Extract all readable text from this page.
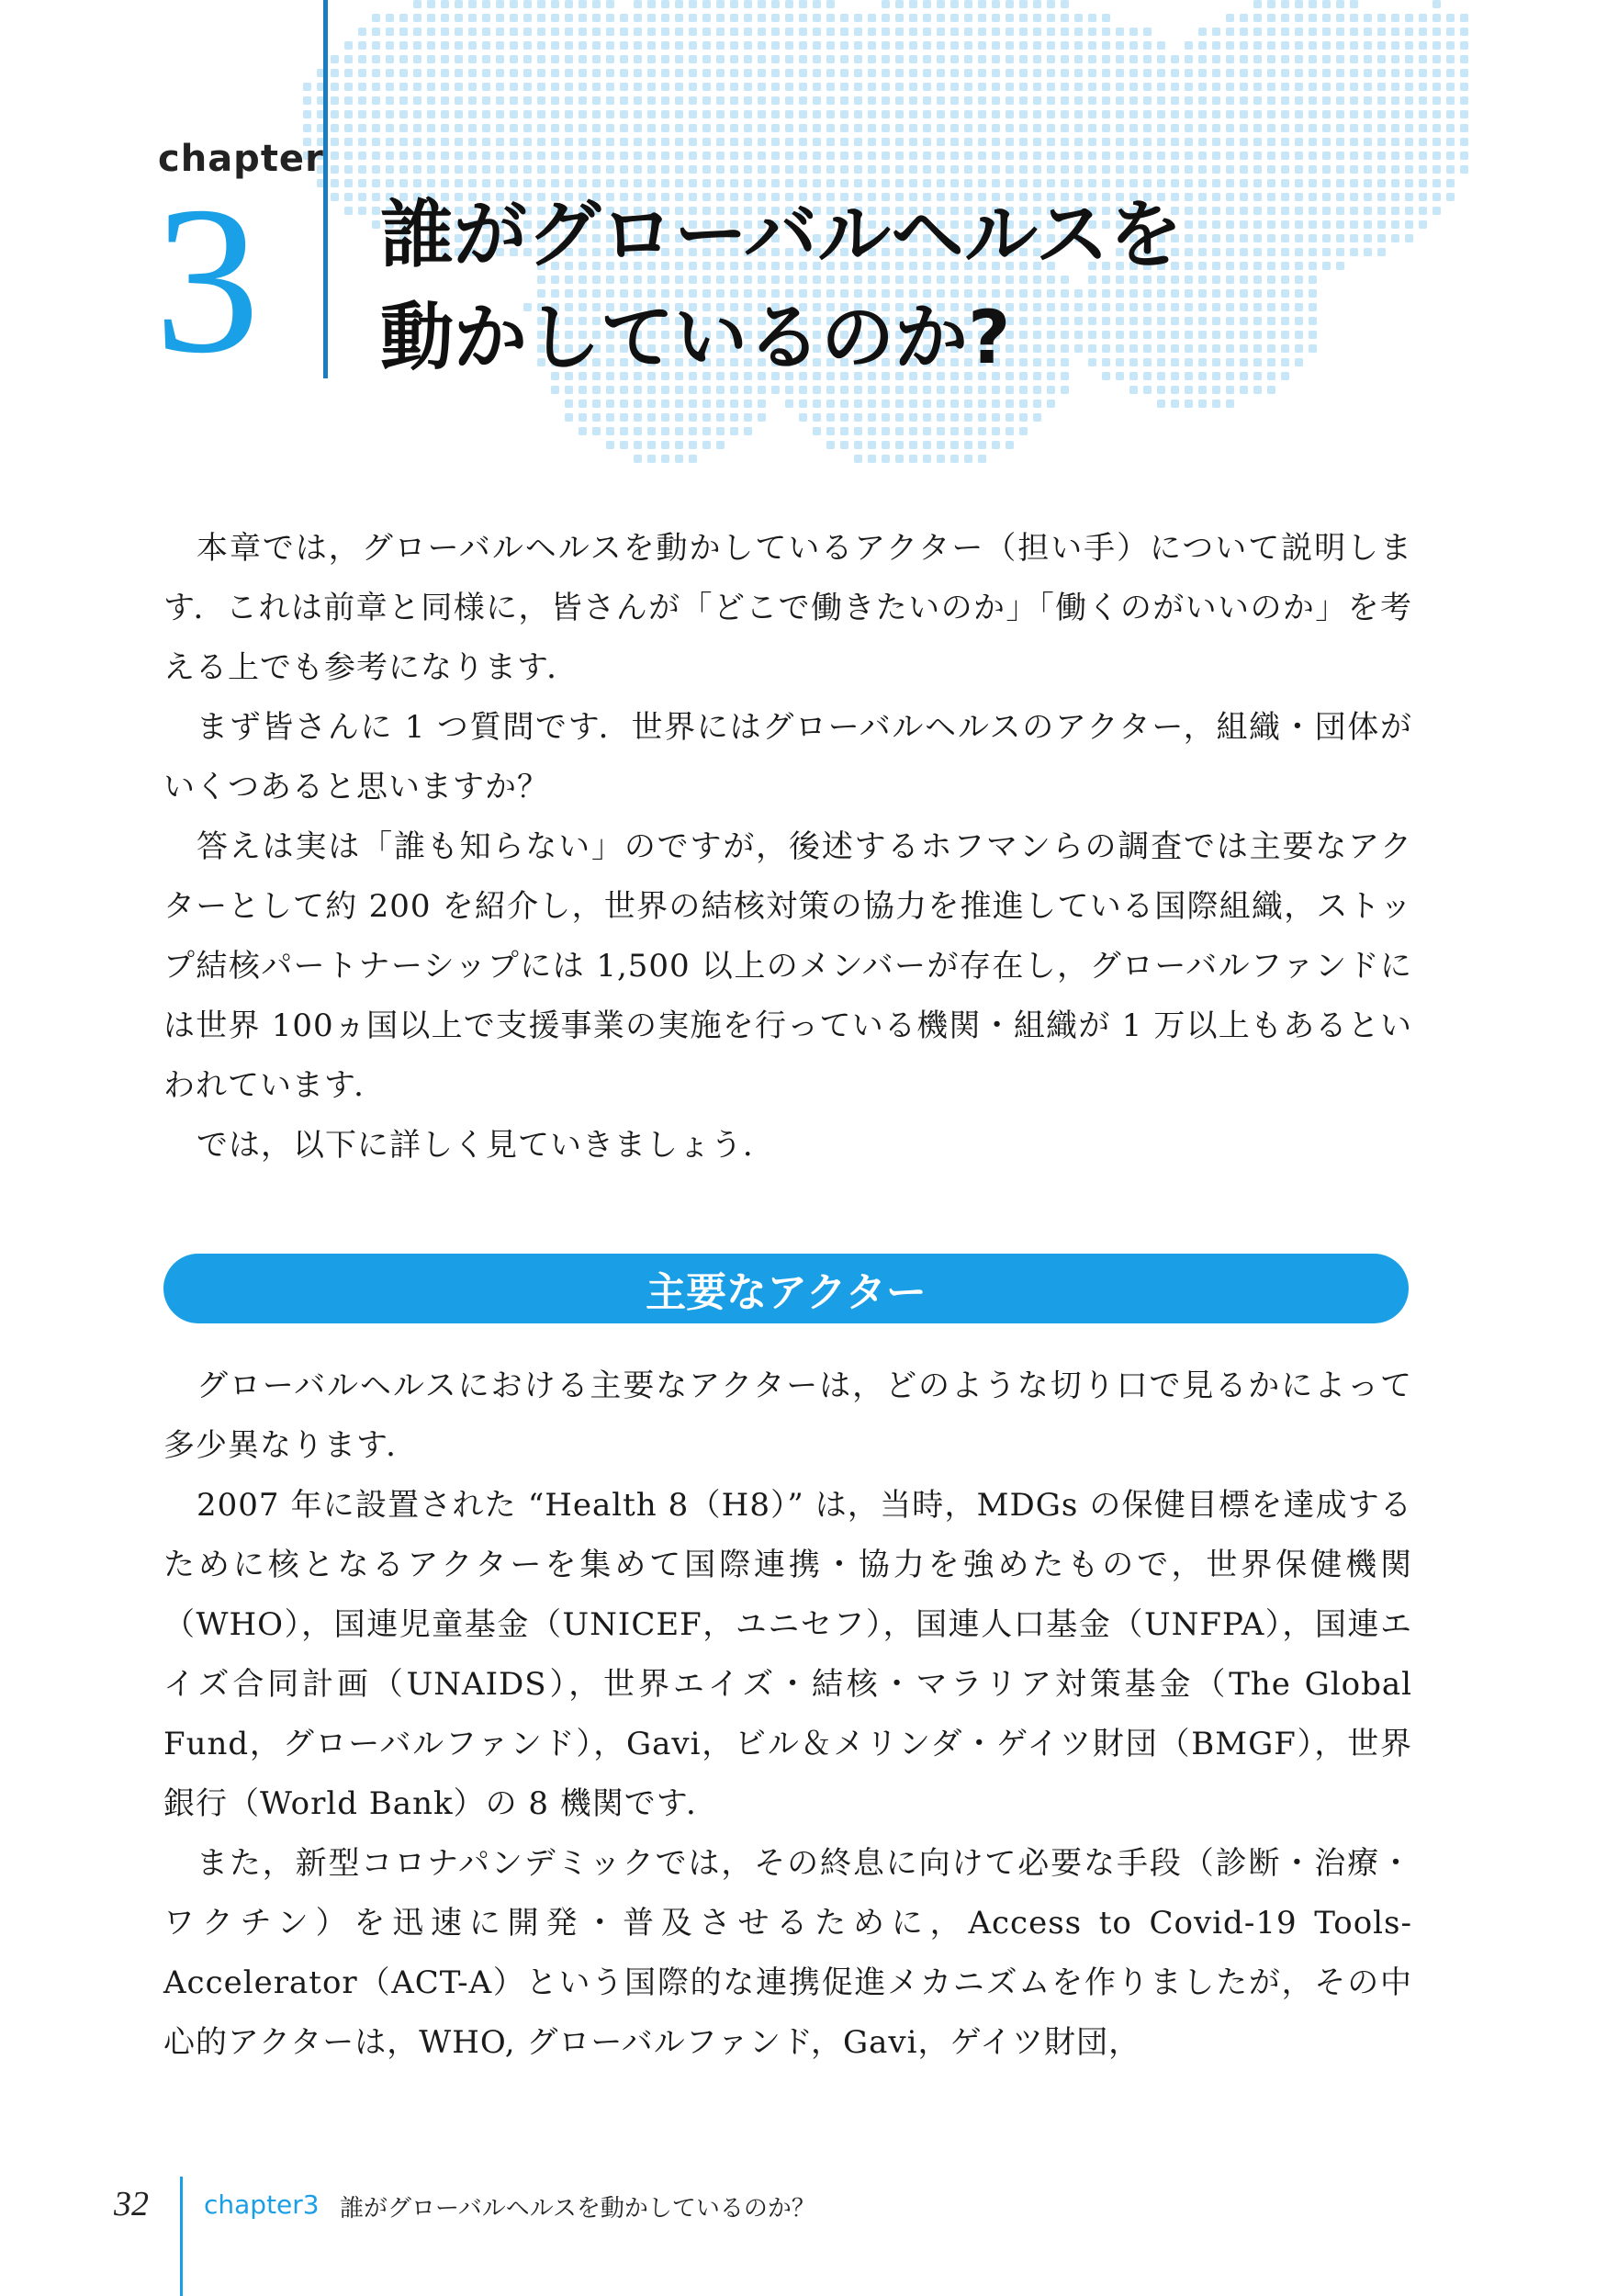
chapter
3 誰がグローバルヘルスを
動かしているのか?

本章では，グローバルヘルスを動かしているアクター（担い手）について説明します．これは前章と同様に，皆さんが「どこで働きたいのか」「働くのがいいのか」を考える上でも参考になります．

まず皆さんに 1 つ質問です．世界にはグローバルヘルスのアクター，組織・団体がいくつあると思いますか？

答えは実は「誰も知らない」のですが，後述するホフマンらの調査では主要なアクターとして約 200 を紹介し，世界の結核対策の協力を推進している国際組織，ストップ結核パートナーシップには 1,500 以上のメンバーが存在し，グローバルファンドには世界 100ヵ国以上で支援事業の実施を行っている機関・組織が 1 万以上もあるといわれています．

では，以下に詳しく見ていきましょう．

主要なアクター

グローバルヘルスにおける主要なアクターは，どのような切り口で見るかによって多少異なります．

2007 年に設置された “Health 8（H8）” は，当時，MDGs の保健目標を達成するために核となるアクターを集めて国際連携・協力を強めたもので，世界保健機関（WHO），国連児童基金（UNICEF，ユニセフ），国連人口基金（UNFPA），国連エイズ合同計画（UNAIDS），世界エイズ・結核・マラリア対策基金（The Global Fund，グローバルファンド），Gavi，ビル＆メリンダ・ゲイツ財団（BMGF），世界銀行（World Bank）の 8 機関です．

また，新型コロナパンデミックでは，その終息に向けて必要な手段（診断・治療・ワクチン）を迅速に開発・普及させるために，Access to Covid-19 Tools-Accelerator（ACT-A）という国際的な連携促進メカニズムを作りましたが，その中心的アクターは，WHO, グローバルファンド，Gavi，ゲイツ財団，

32 chapter3 誰がグローバルヘルスを動かしているのか？
